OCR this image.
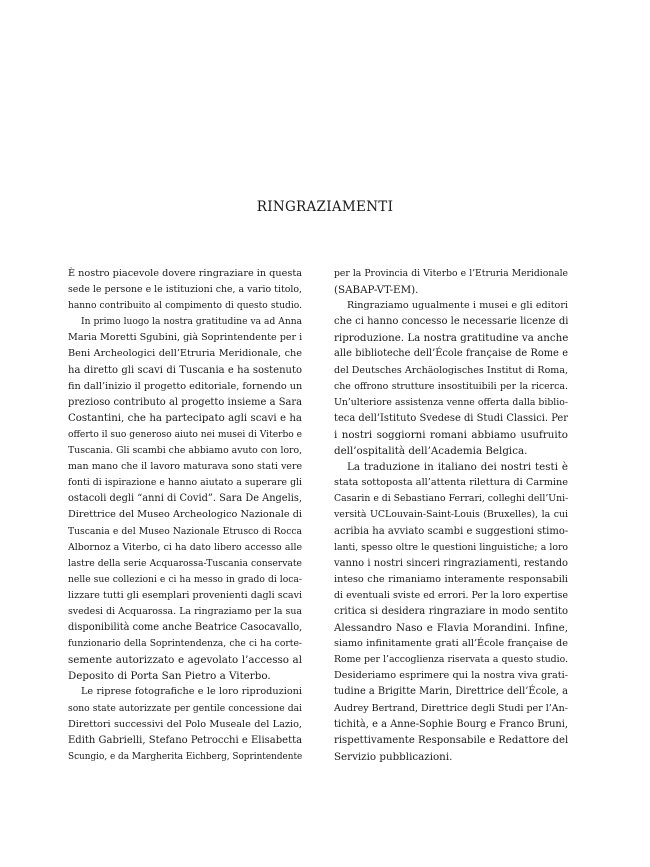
RINGRAZIAMENTI
È nostro piacevole dovere ringraziare in questa
sede le persone e le istituzioni che, a vario titolo,
hanno contribuito al compimento di questo studio.
In primo luogo la nostra gratitudine va ad Anna
Maria Moretti Sgubini, già Soprintendente per i
Beni Archeologici dell’Etruria Meridionale, che
ha diretto gli scavi di Tuscania e ha sostenuto
fin dall’inizio il progetto editoriale, fornendo un
prezioso contributo al progetto insieme a Sara
Costantini, che ha partecipato agli scavi e ha
offerto il suo generoso aiuto nei musei di Viterbo e
Tuscania. Gli scambi che abbiamo avuto con loro,
man mano che il lavoro maturava sono stati vere
fonti di ispirazione e hanno aiutato a superare gli
ostacoli degli “anni di Covid”. Sara De Angelis,
Direttrice del Museo Archeologico Nazionale di
Tuscania e del Museo Nazionale Etrusco di Rocca
Albornoz a Viterbo, ci ha dato libero accesso alle
lastre della serie Acquarossa-Tuscania conservate
nelle sue collezioni e ci ha messo in grado di loca-
lizzare tutti gli esemplari provenienti dagli scavi
svedesi di Acquarossa. La ringraziamo per la sua
disponibilità come anche Beatrice Casocavallo,
funzionario della Soprintendenza, che ci ha corte-
semente autorizzato e agevolato l’accesso al
Deposito di Porta San Pietro a Viterbo.
Le riprese fotografiche e le loro riproduzioni
sono state autorizzate per gentile concessione dai
Direttori successivi del Polo Museale del Lazio,
Edith Gabrielli, Stefano Petrocchi e Elisabetta
Scungio, e da Margherita Eichberg, Soprintendente
per la Provincia di Viterbo e l’Etruria Meridionale
(SABAP-VT-EM).
Ringraziamo ugualmente i musei e gli editori
che ci hanno concesso le necessarie licenze di
riproduzione. La nostra gratitudine va anche
alle biblioteche dell’École française de Rome e
del Deutsches Archäologisches Institut di Roma,
che offrono strutture insostituibili per la ricerca.
Un’ulteriore assistenza venne offerta dalla biblio-
teca dell’Istituto Svedese di Studi Classici. Per
i nostri soggiorni romani abbiamo usufruito
dell’ospitalità dell’Academia Belgica.
La traduzione in italiano dei nostri testi è
stata sottoposta all’attenta rilettura di Carmine
Casarin e di Sebastiano Ferrari, colleghi dell’Uni-
versità UCLouvain-Saint-Louis (Bruxelles), la cui
acribia ha avviato scambi e suggestioni stimo-
lanti, spesso oltre le questioni linguistiche; a loro
vanno i nostri sinceri ringraziamenti, restando
inteso che rimaniamo interamente responsabili
di eventuali sviste ed errori. Per la loro expertise
critica si desidera ringraziare in modo sentito
Alessandro Naso e Flavia Morandini. Infine,
siamo infinitamente grati all’École française de
Rome per l’accoglienza riservata a questo studio.
Desideriamo esprimere qui la nostra viva grati-
tudine a Brigitte Marin, Direttrice dell’École, a
Audrey Bertrand, Direttrice degli Studi per l’An-
tichità, e a Anne-Sophie Bourg e Franco Bruni,
rispettivamente Responsabile e Redattore del
Servizio pubblicazioni.
